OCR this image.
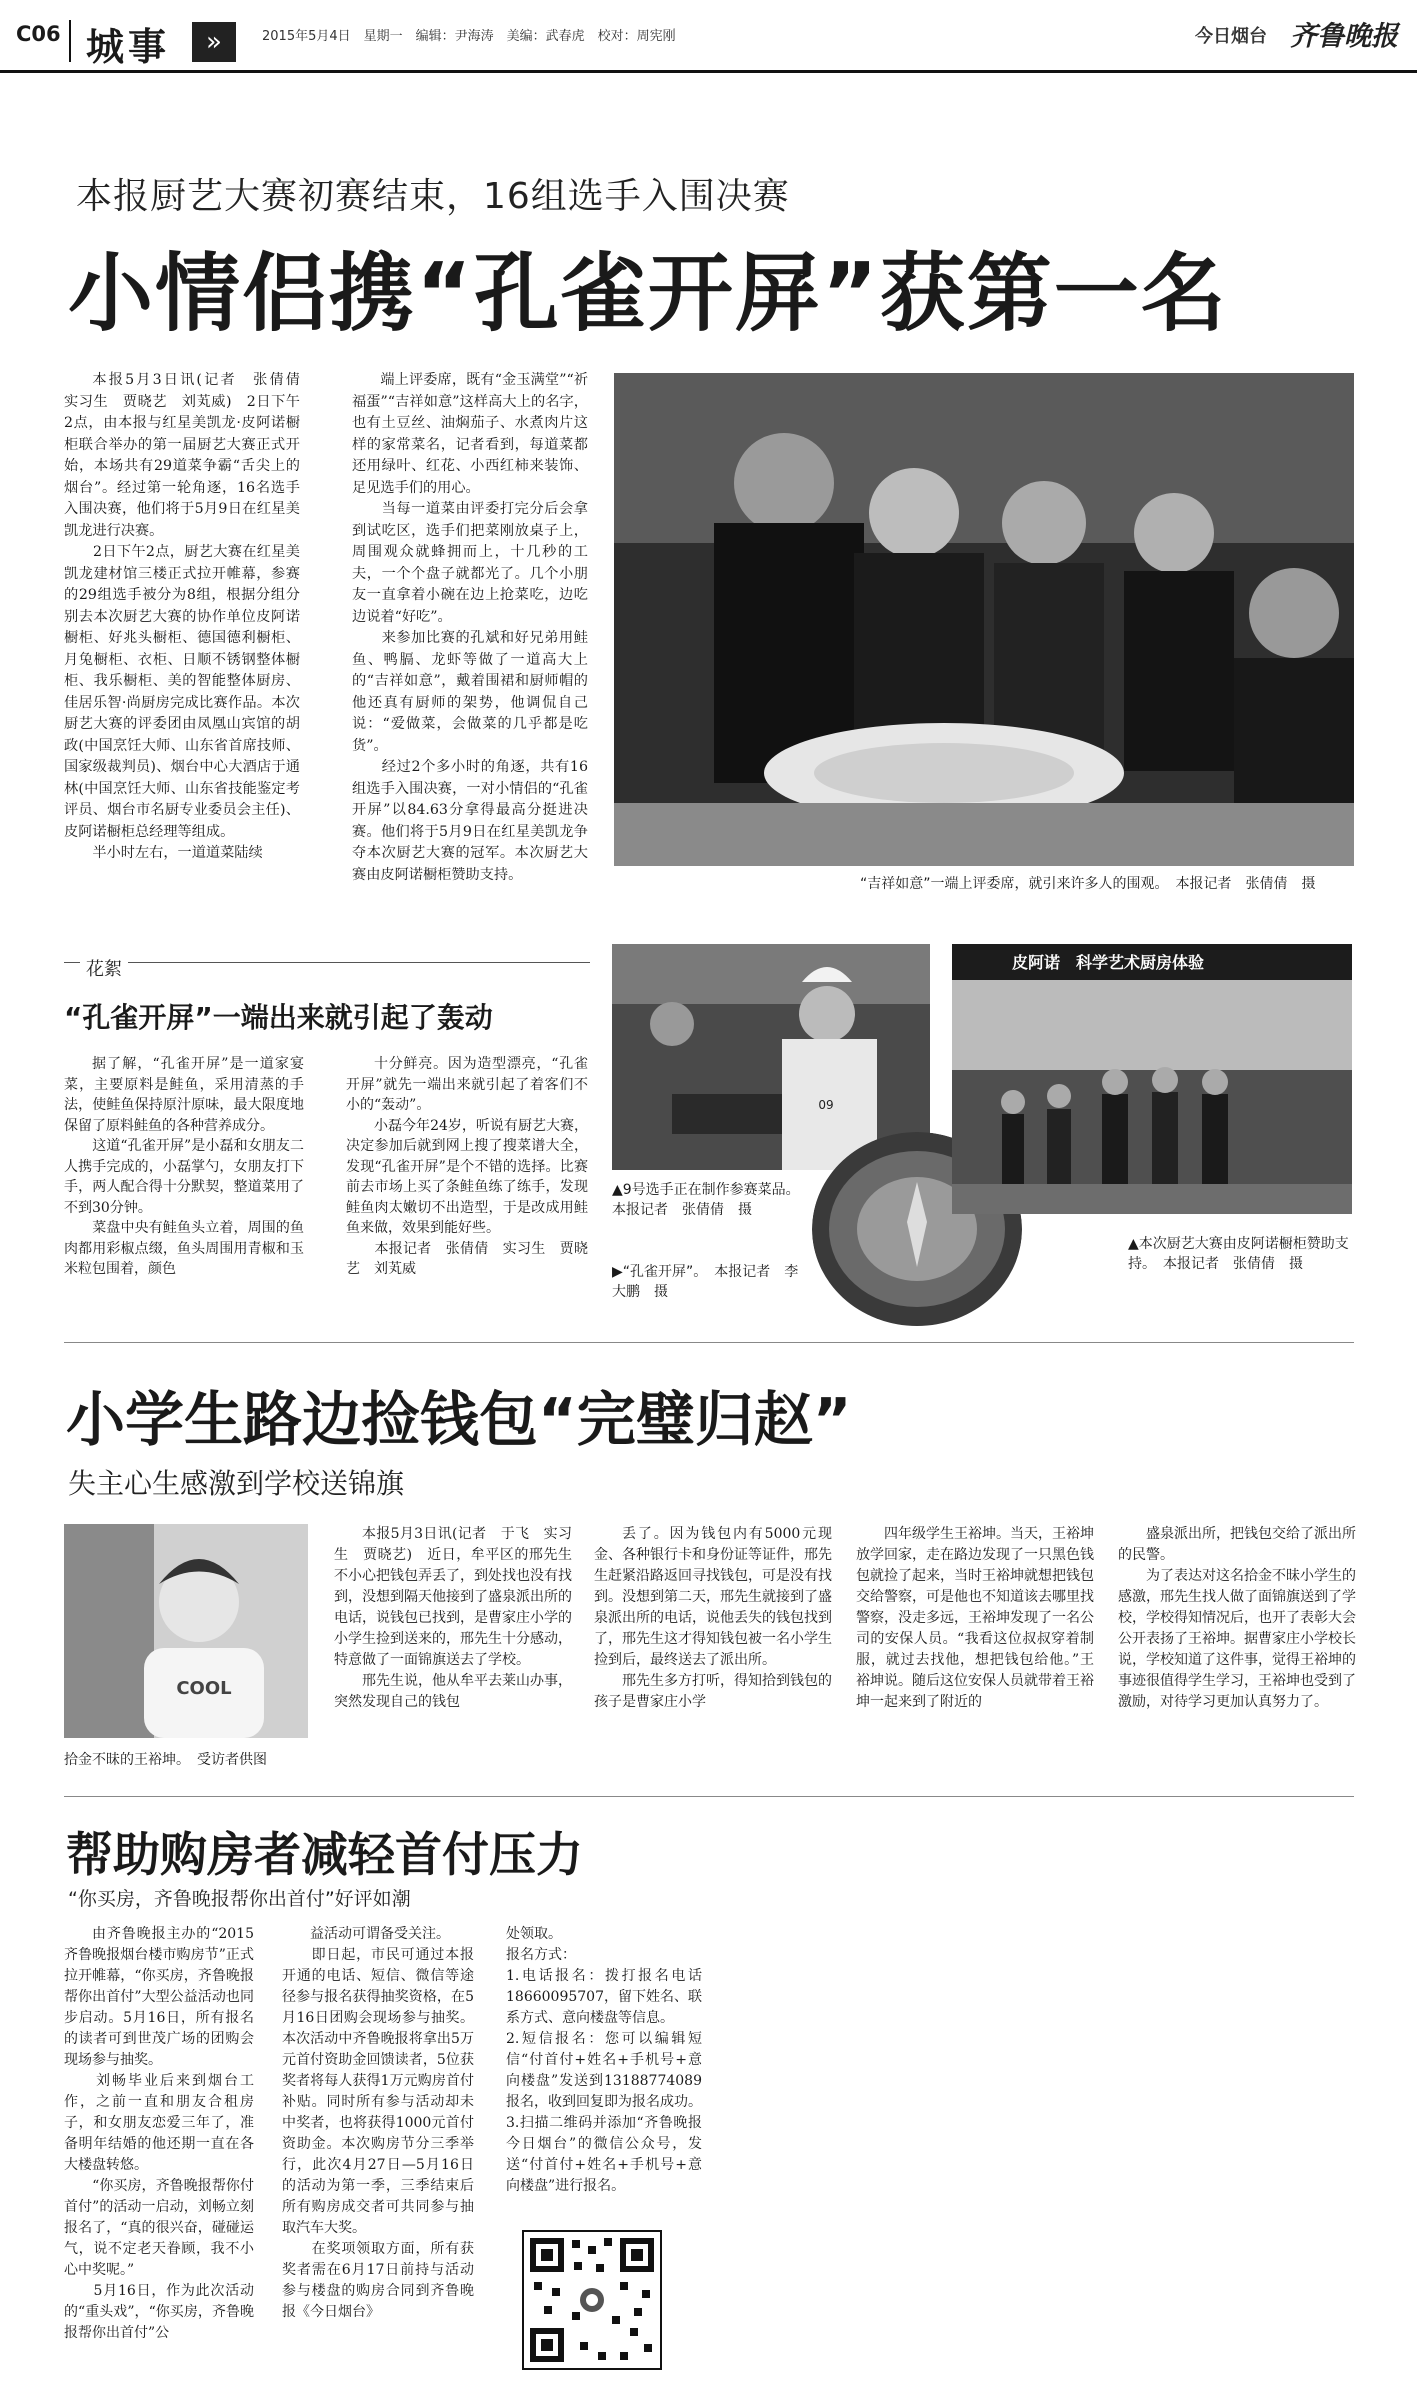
C06 城事	»	2015年5月4日　星期一　编辑：尹海涛　美编：武春虎　校对：周宪刚	今日烟台 齐鲁晚报
本报厨艺大赛初赛结束，16组选手入围决赛
小情侣携“孔雀开屏”获第一名
本报5月3日讯(记者　张倩倩　实习生　贾晓艺　刘芄威)　2日下午2点，由本报与红星美凯龙·皮阿诺橱柜联合举办的第一届厨艺大赛正式开始，本场共有29道菜争霸“舌尖上的烟台”。经过第一轮角逐，16名选手入围决赛，他们将于5月9日在红星美凯龙进行决赛。
　　2日下午2点，厨艺大赛在红星美凯龙建材馆三楼正式拉开帷幕，参赛的29组选手被分为8组，根据分组分别去本次厨艺大赛的协作单位皮阿诺橱柜、好兆头橱柜、德国德利橱柜、月兔橱柜、衣柜、日顺不锈钢整体橱柜、我乐橱柜、美的智能整体厨房、佳居乐智·尚厨房完成比赛作品。本次厨艺大赛的评委团由凤凰山宾馆的胡政(中国烹饪大师、山东省首席技师、国家级裁判员)、烟台中心大酒店于通林(中国烹饪大师、山东省技能鉴定考评员、烟台市名厨专业委员会主任)、皮阿诺橱柜总经理等组成。
　　半小时左右，一道道菜陆续
端上评委席，既有“金玉满堂”“祈福蛋”“吉祥如意”这样高大上的名字，也有土豆丝、油焖茄子、水煮肉片这样的家常菜名，记者看到，每道菜都还用绿叶、红花、小西红柿来装饰、足见选手们的用心。
　　当每一道菜由评委打完分后会拿到试吃区，选手们把菜刚放桌子上，周围观众就蜂拥而上，十几秒的工夫，一个个盘子就都光了。几个小朋友一直拿着小碗在边上抢菜吃，边吃边说着“好吃”。
　　来参加比赛的孔斌和好兄弟用鲑鱼、鸭膈、龙虾等做了一道高大上的“吉祥如意”，戴着围裙和厨师帽的他还真有厨师的架势，他调侃自己说：“爱做菜，会做菜的几乎都是吃货”。
　　经过2个多小时的角逐，共有16组选手入围决赛，一对小情侣的“孔雀开屏”以84.63分拿得最高分挺进决赛。他们将于5月9日在红星美凯龙争夺本次厨艺大赛的冠军。本次厨艺大赛由皮阿诺橱柜赞助支持。
“吉祥如意”一端上评委席，就引来许多人的围观。　本报记者　张倩倩　摄
花絮
“孔雀开屏”一端出来就引起了轰动
据了解，“孔雀开屏”是一道家宴菜，主要原料是鲑鱼，采用清蒸的手法，使鲑鱼保持原汁原味，最大限度地保留了原料鲑鱼的各种营养成分。
　　这道“孔雀开屏”是小磊和女朋友二人携手完成的，小磊掌勺，女朋友打下手，两人配合得十分默契，整道菜用了不到30分钟。
　　菜盘中央有鲑鱼头立着，周围的鱼肉都用彩椒点缀，鱼头周围用青椒和玉米粒包围着，颜色
十分鲜亮。因为造型漂亮，“孔雀开屏”就先一端出来就引起了着客们不小的“轰动”。
　　小磊今年24岁，听说有厨艺大赛，决定参加后就到网上搜了搜菜谱大全，发现“孔雀开屏”是个不错的选择。比赛前去市场上买了条鲑鱼练了练手，发现鲑鱼肉太嫩切不出造型，于是改成用鲑鱼来做，效果到能好些。
　　本报记者　张倩倩　实习生　贾晓艺　刘芄威
09
▲9号选手正在制作参赛菜品。　本报记者　张倩倩　摄
▶“孔雀开屏”。　本报记者　李大鹏　摄
皮阿诺　科学艺术厨房体验
▲本次厨艺大赛由皮阿诺橱柜赞助支持。　本报记者　张倩倩　摄
小学生路边捡钱包“完璧归赵”
失主心生感激到学校送锦旗
COOL
拾金不昧的王裕坤。　受访者供图
本报5月3日讯(记者　于飞　实习生　贾晓艺)　近日，牟平区的邢先生不小心把钱包弄丢了，到处找也没有找到，没想到隔天他接到了盛泉派出所的电话，说钱包已找到，是曹家庄小学的小学生捡到送来的，邢先生十分感动，特意做了一面锦旗送去了学校。
　　邢先生说，他从牟平去莱山办事，突然发现自己的钱包
丢了。因为钱包内有5000元现金、各种银行卡和身份证等证件，邢先生赶紧沿路返回寻找钱包，可是没有找到。没想到第二天，邢先生就接到了盛泉派出所的电话，说他丢失的钱包找到了，邢先生这才得知钱包被一名小学生捡到后，最终送去了派出所。
　　邢先生多方打听，得知拾到钱包的孩子是曹家庄小学
四年级学生王裕坤。当天，王裕坤放学回家，走在路边发现了一只黑色钱包就捡了起来，当时王裕坤就想把钱包交给警察，可是他也不知道该去哪里找警察，没走多远，王裕坤发现了一名公司的安保人员。“我看这位叔叔穿着制服，就过去找他，想把钱包给他。”王裕坤说。随后这位安保人员就带着王裕坤一起来到了附近的
盛泉派出所，把钱包交给了派出所的民警。
　　为了表达对这名拾金不昧小学生的感激，邢先生找人做了面锦旗送到了学校，学校得知情况后，也开了表彰大会公开表扬了王裕坤。据曹家庄小学校长说，学校知道了这件事，觉得王裕坤的事迹很值得学生学习，王裕坤也受到了激励，对待学习更加认真努力了。
帮助购房者减轻首付压力
“你买房，齐鲁晚报帮你出首付”好评如潮
由齐鲁晚报主办的“2015齐鲁晚报烟台楼市购房节”正式拉开帷幕，“你买房，齐鲁晚报帮你出首付”大型公益活动也同步启动。5月16日，所有报名的读者可到世茂广场的团购会现场参与抽奖。
　　刘畅毕业后来到烟台工作，之前一直和朋友合租房子，和女朋友恋爱三年了，准备明年结婚的他还期一直在各大楼盘转悠。
　　“你买房，齐鲁晚报帮你付首付”的活动一启动，刘畅立刻报名了，“真的很兴奋，碰碰运气，说不定老天眷顾，我不小心中奖呢。”
　　5月16日，作为此次活动的“重头戏”，“你买房，齐鲁晚报帮你出首付”公
益活动可谓备受关注。
　　即日起，市民可通过本报开通的电话、短信、微信等途径参与报名获得抽奖资格，在5月16日团购会现场参与抽奖。本次活动中齐鲁晚报将拿出5万元首付资助金回馈读者，5位获奖者将每人获得1万元购房首付补贴。同时所有参与活动却未中奖者，也将获得1000元首付资助金。本次购房节分三季举行，此次4月27日—5月16日的活动为第一季，三季结束后所有购房成交者可共同参与抽取汽车大奖。
　　在奖项领取方面，所有获奖者需在6月17日前持与活动参与楼盘的购房合同到齐鲁晚报《今日烟台》
处领取。
报名方式：
1.电话报名：拨打报名电话18660095707，留下姓名、联系方式、意向楼盘等信息。
2.短信报名：您可以编辑短信“付首付+姓名+手机号+意向楼盘”发送到13188774089报名，收到回复即为报名成功。
3.扫描二维码并添加“齐鲁晚报今日烟台”的微信公众号，发送“付首付+姓名+手机号+意向楼盘”进行报名。
